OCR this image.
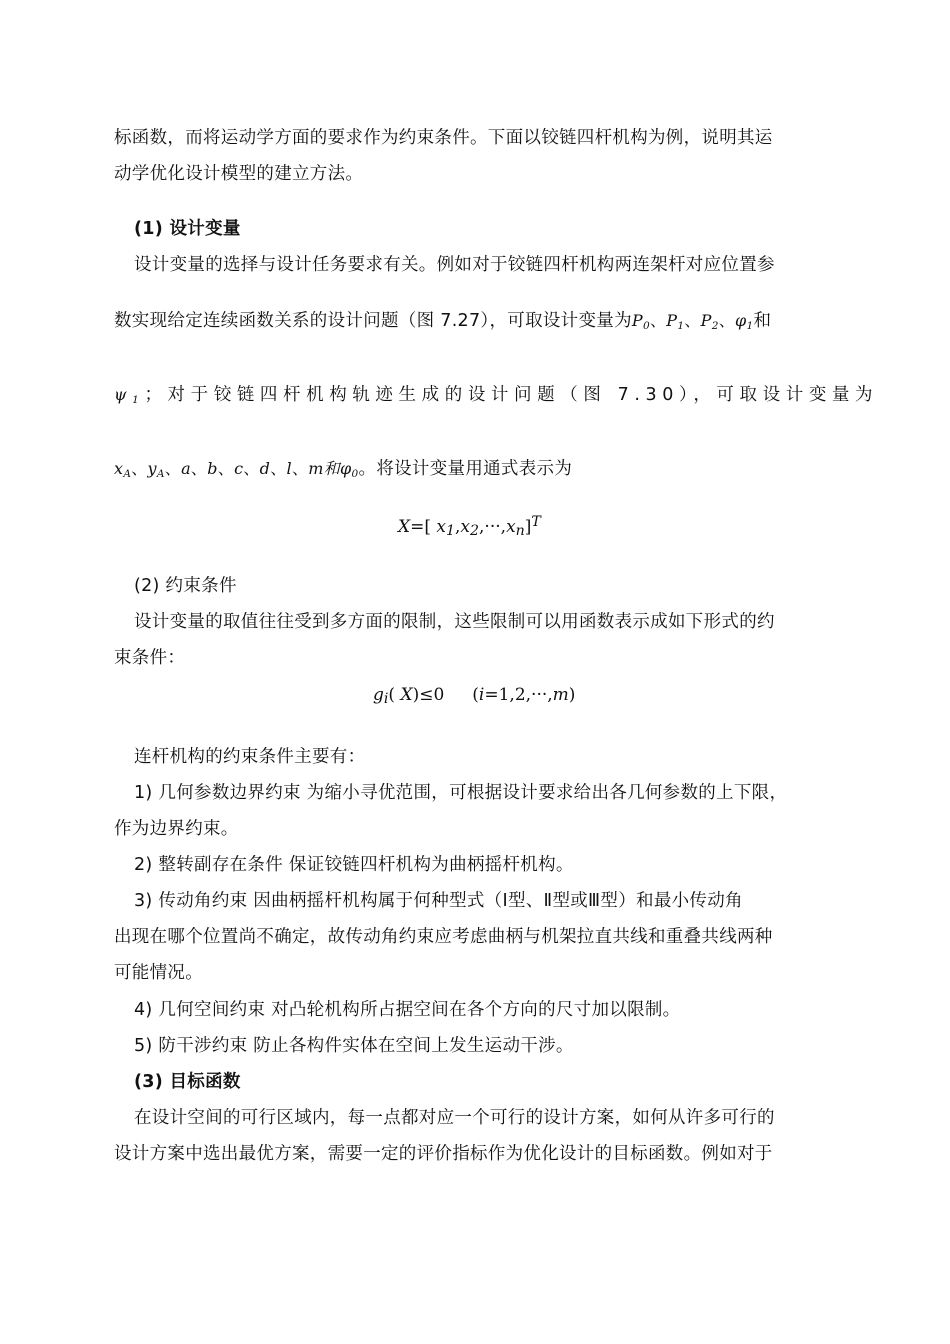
标函数，而将运动学方面的要求作为约束条件。下面以铰链四杆机构为例，说明其运
动学优化设计模型的建立方法。
(1) 设计变量
设计变量的选择与设计任务要求有关。例如对于铰链四杆机构两连架杆对应位置参
数实现给定连续函数关系的设计问题（图 7.27），可取设计变量为$P_0$、$P_1$、$P_2$、$\varphi_1$和
$\psi_1$；对于铰链四杆机构轨迹生成的设计问题（图 7.30），可取设计变量为
$x_A$、$y_A$、a、b、c、d、l、m和$\varphi_0$。将设计变量用通式表示为
X=[ $x_1,x_2,\cdot\cdot\cdot,x_n]^T$
(2) 约束条件
设计变量的取值往往受到多方面的限制，这些限制可以用函数表示成如下形式的约
束条件：
$g_i$( X)≤0 (i=1,2,···,m)
连杆机构的约束条件主要有：
1) 几何参数边界约束 为缩小寻优范围，可根据设计要求给出各几何参数的上下限，
作为边界约束。
2) 整转副存在条件 保证铰链四杆机构为曲柄摇杆机构。
3) 传动角约束 因曲柄摇杆机构属于何种型式（Ⅰ型、Ⅱ型或Ⅲ型）和最小传动角
出现在哪个位置尚不确定，故传动角约束应考虑曲柄与机架拉直共线和重叠共线两种
可能情况。
4) 几何空间约束 对凸轮机构所占据空间在各个方向的尺寸加以限制。
5) 防干涉约束 防止各构件实体在空间上发生运动干涉。
(3) 目标函数
在设计空间的可行区域内，每一点都对应一个可行的设计方案，如何从许多可行的
设计方案中选出最优方案，需要一定的评价指标作为优化设计的目标函数。例如对于
